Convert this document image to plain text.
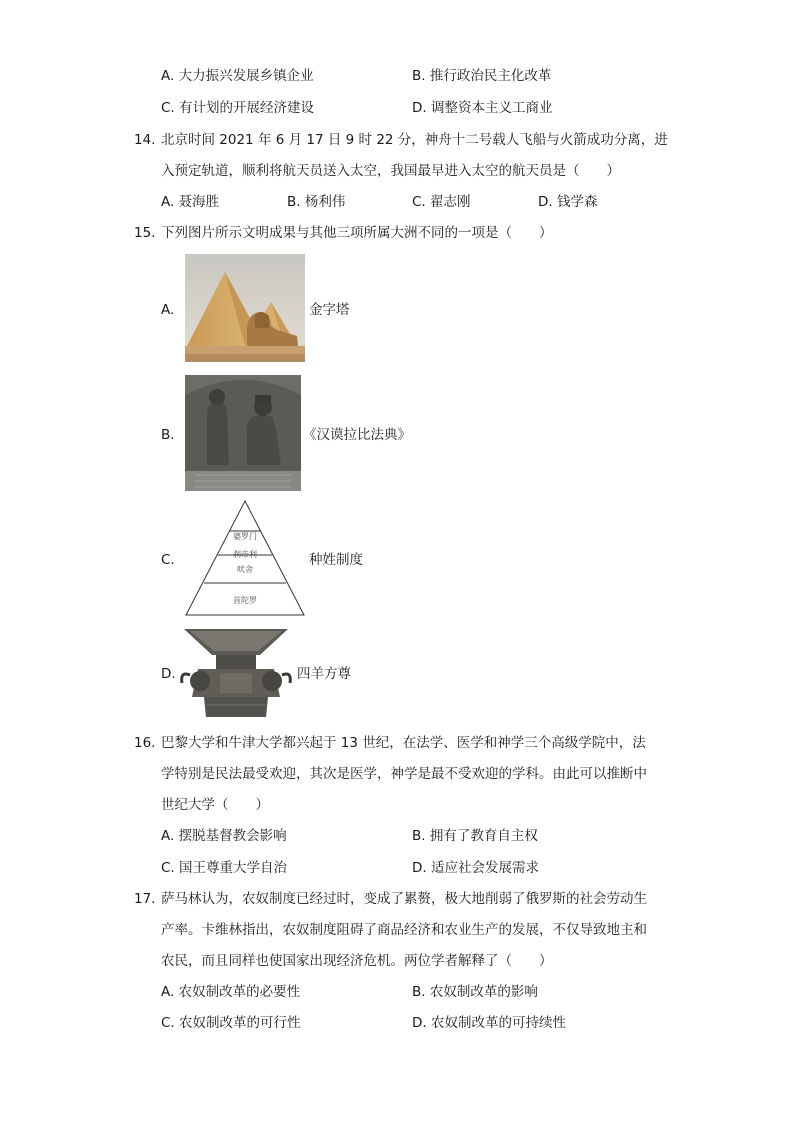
A. 大力振兴发展乡镇企业	B. 推行政治民主化改革
C. 有计划的开展经济建设	D. 调整资本主义工商业
14. 北京时间 2021 年 6 月 17 日 9 时 22 分，神舟十二号载人飞船与火箭成功分离，进
入预定轨道，顺利将航天员送入太空，我国最早进入太空的航天员是（　　）
A. 聂海胜	B. 杨利伟	C. 翟志刚	D. 钱学森
15. 下列图片所示文明成果与其他三项所属大洲不同的一项是（　　）
A.	金字塔
B.	《汉谟拉比法典》
C.
婆罗门
刹帝利
吠舍
首陀罗
种姓制度
D.	四羊方尊
16. 巴黎大学和牛津大学都兴起于 13 世纪，在法学、医学和神学三个高级学院中，法
学特别是民法最受欢迎，其次是医学，神学是最不受欢迎的学科。由此可以推断中
世纪大学（　　）
A. 摆脱基督教会影响	B. 拥有了教育自主权
C. 国王尊重大学自治	D. 适应社会发展需求
17. 萨马林认为，农奴制度已经过时，变成了累赘，极大地削弱了俄罗斯的社会劳动生
产率。卡维林指出，农奴制度阻碍了商品经济和农业生产的发展，不仅导致地主和
农民，而且同样也使国家出现经济危机。两位学者解释了（　　）
A. 农奴制改革的必要性	B. 农奴制改革的影响
C. 农奴制改革的可行性	D. 农奴制改革的可持续性
